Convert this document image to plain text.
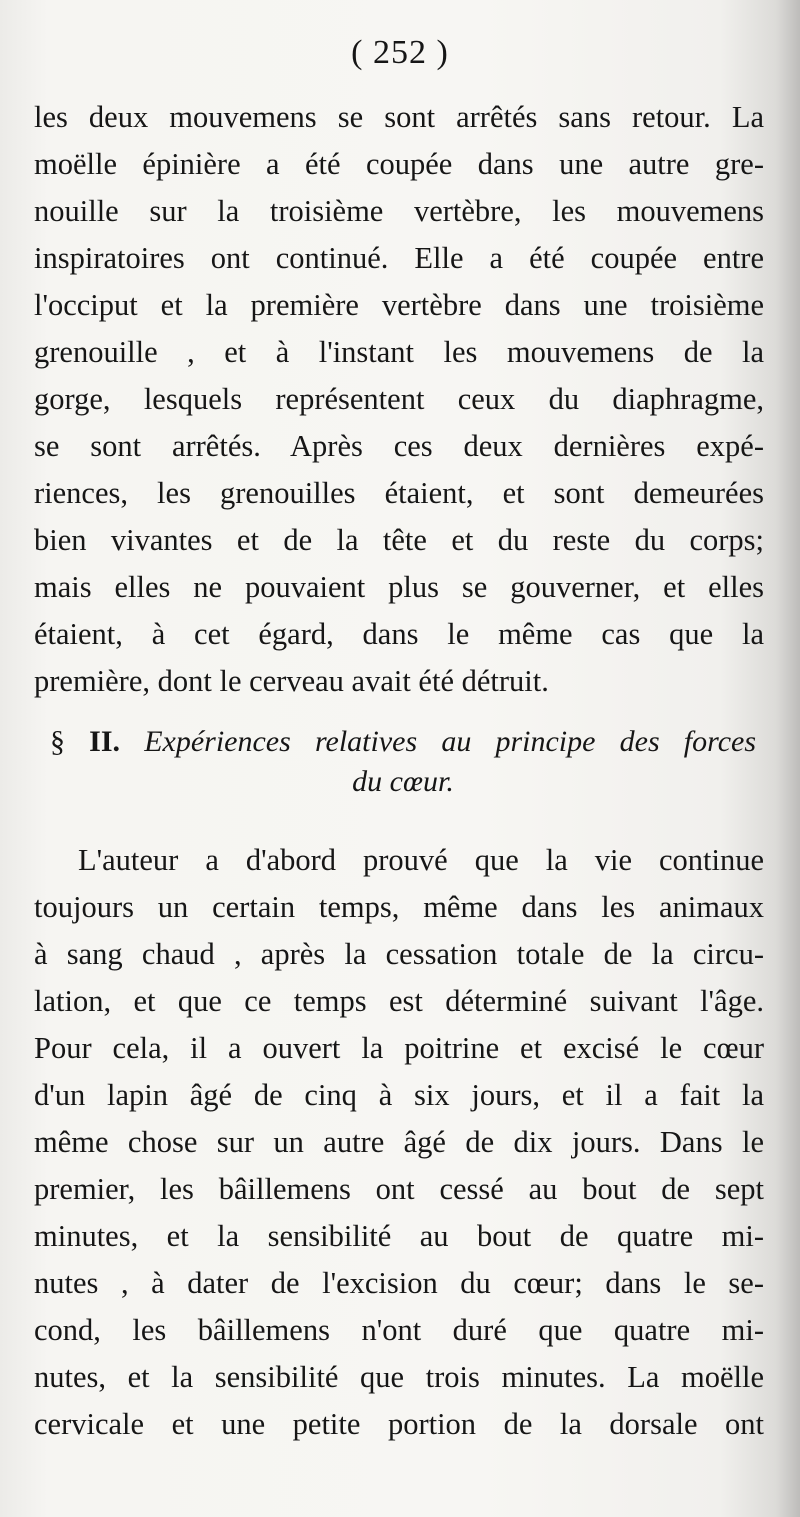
( 252 )
les deux mouvemens se sont arrêtés sans retour. La
moëlle épinière a été coupée dans une autre gre-
nouille sur la troisième vertèbre, les mouvemens
inspiratoires ont continué. Elle a été coupée entre
l'occiput et la première vertèbre dans une troisième
grenouille , et à l'instant les mouvemens de la
gorge, lesquels représentent ceux du diaphragme,
se sont arrêtés. Après ces deux dernières expé-
riences, les grenouilles étaient, et sont demeurées
bien vivantes et de la tête et du reste du corps;
mais elles ne pouvaient plus se gouverner, et elles
étaient, à cet égard, dans le même cas que la
première, dont le cerveau avait été détruit.
§ II. Expériences relatives au principe des forces
du cœur.
L'auteur a d'abord prouvé que la vie continue
toujours un certain temps, même dans les animaux
à sang chaud , après la cessation totale de la circu-
lation, et que ce temps est déterminé suivant l'âge.
Pour cela, il a ouvert la poitrine et excisé le cœur
d'un lapin âgé de cinq à six jours, et il a fait la
même chose sur un autre âgé de dix jours. Dans le
premier, les bâillemens ont cessé au bout de sept
minutes, et la sensibilité au bout de quatre mi-
nutes , à dater de l'excision du cœur; dans le se-
cond, les bâillemens n'ont duré que quatre mi-
nutes, et la sensibilité que trois minutes. La moëlle
cervicale et une petite portion de la dorsale ont
